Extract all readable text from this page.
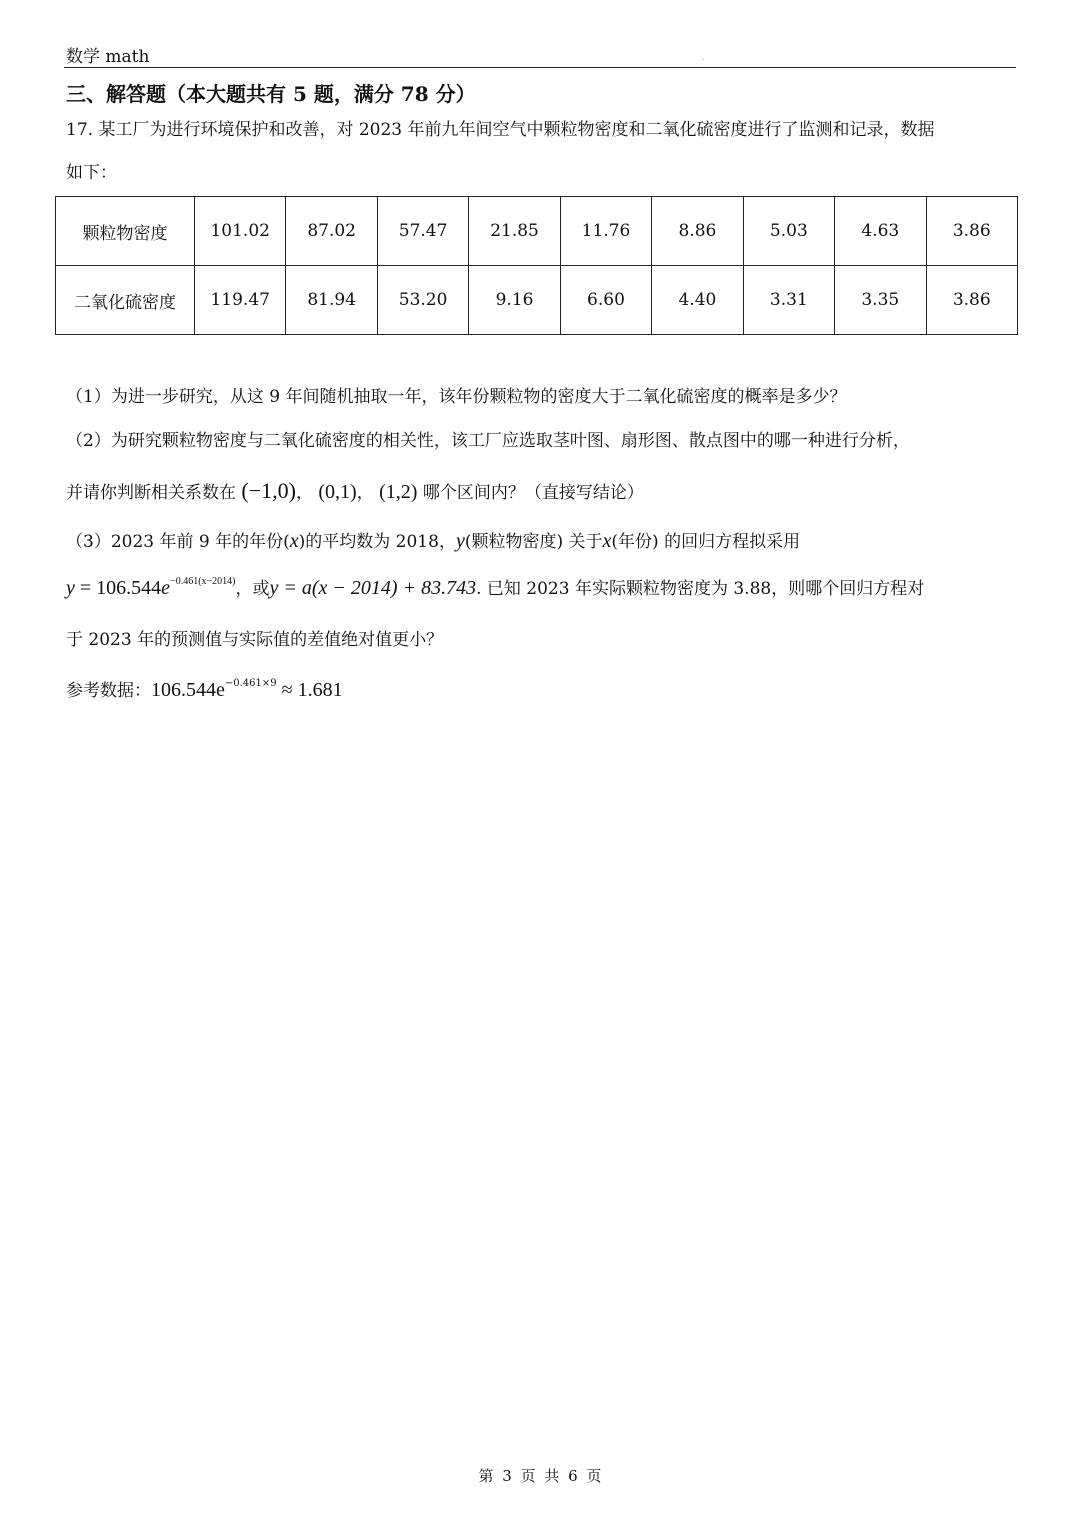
数学 math	.
三、解答题（本大题共有 5 题，满分 78 分）
17. 某工厂为进行环境保护和改善，对 2023 年前九年间空气中颗粒物密度和二氧化硫密度进行了监测和记录，数据
如下：
颗粒物密度	101.02	87.02	57.47	21.85	11.76	8.86	5.03	4.63	3.86
二氧化硫密度	119.47	81.94	53.20	9.16	6.60	4.40	3.31	3.35	3.86
（1）为进一步研究，从这 9 年间随机抽取一年，该年份颗粒物的密度大于二氧化硫密度的概率是多少？
（2）为研究颗粒物密度与二氧化硫密度的相关性，该工厂应选取茎叶图、扇形图、散点图中的哪一种进行分析，
并请你判断相关系数在 (−1,0)， (0,1)， (1,2) 哪个区间内？（直接写结论）
（3）2023 年前 9 年的年份(x)的平均数为 2018，y(颗粒物密度) 关于x(年份) 的回归方程拟采用
$y = 106.544e^{-0.461(x-2014)}$，或y = a(x − 2014) + 83.743. 已知 2023 年实际颗粒物密度为 3.88，则哪个回归方程对
于 2023 年的预测值与实际值的差值绝对值更小？
参考数据：$106.544e^{-0.461\times 9} \approx 1.681$
第 3 页 共 6 页
